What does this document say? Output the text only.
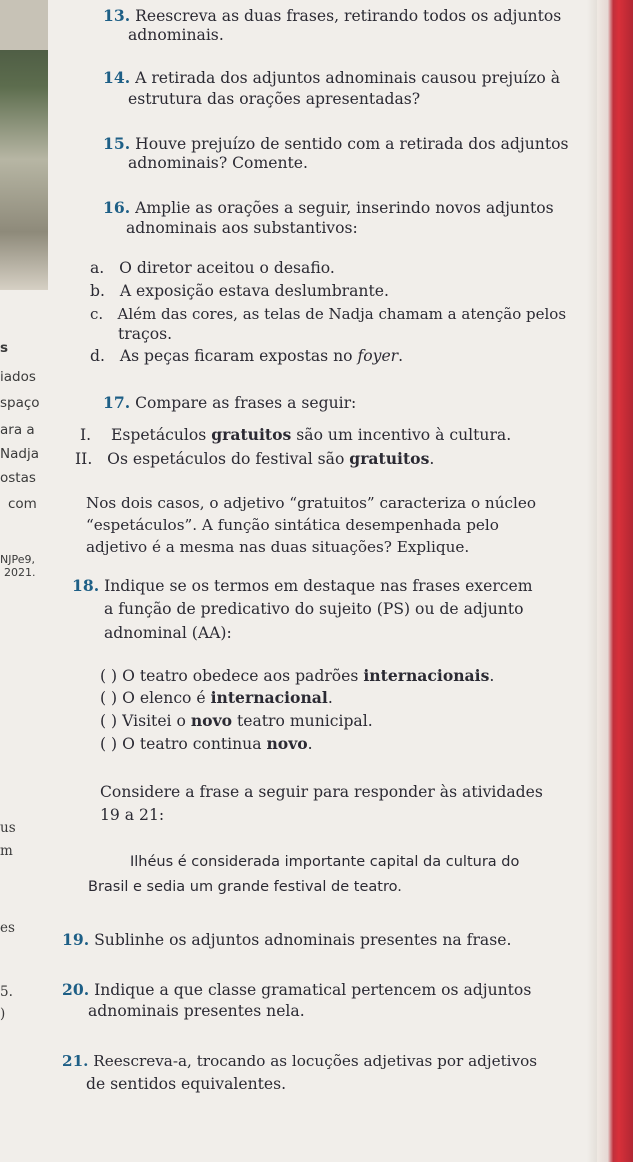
s
iados
spaço
ara a
Nadja
ostas
com
NJPe9,
2021.
us
m
es
5.
)
13. Reescreva as duas frases, retirando todos os adjuntos
adnominais.
14. A retirada dos adjuntos adnominais causou prejuízo à
estrutura das orações apresentadas?
15. Houve prejuízo de sentido com a retirada dos adjuntos
adnominais? Comente.
16. Amplie as orações a seguir, inserindo novos adjuntos
adnominais aos substantivos:
a. O diretor aceitou o desafio.
b. A exposição estava deslumbrante.
c. Além das cores, as telas de Nadja chamam a atenção pelos
traços.
d. As peças ficaram expostas no foyer.
17. Compare as frases a seguir:
I. Espetáculos gratuitos são um incentivo à cultura.
II. Os espetáculos do festival são gratuitos.
Nos dois casos, o adjetivo “gratuitos” caracteriza o núcleo
“espetáculos”. A função sintática desempenhada pelo
adjetivo é a mesma nas duas situações? Explique.
18. Indique se os termos em destaque nas frases exercem
a função de predicativo do sujeito (PS) ou de adjunto
adnominal (AA):
( ) O teatro obedece aos padrões internacionais.
( ) O elenco é internacional.
( ) Visitei o novo teatro municipal.
( ) O teatro continua novo.
Considere a frase a seguir para responder às atividades
19 a 21:
Ilhéus é considerada importante capital da cultura do
Brasil e sedia um grande festival de teatro.
19. Sublinhe os adjuntos adnominais presentes na frase.
20. Indique a que classe gramatical pertencem os adjuntos
adnominais presentes nela.
21. Reescreva-a, trocando as locuções adjetivas por adjetivos
de sentidos equivalentes.
